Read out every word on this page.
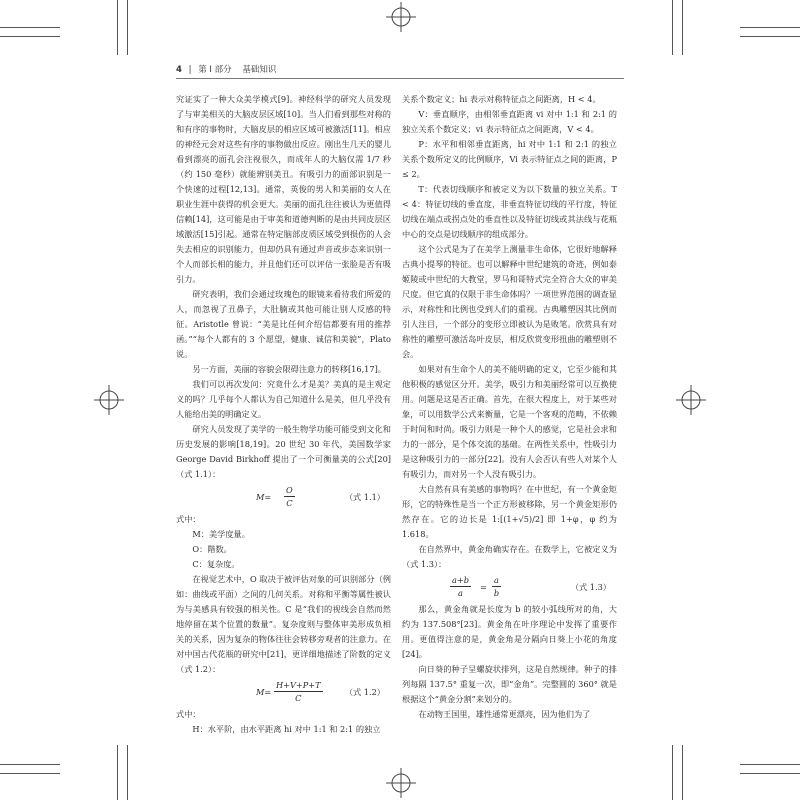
4 | 第 I 部分 基础知识

究证实了一种大众美学模式[9]。神经科学的研究人员发现了与审美相关的大脑皮层区域[10]。当人们看到那些对称的和有序的事物时，大脑皮层的相应区域可被激活[11]。相应的神经元会对这些有序的事物做出反应。刚出生几天的婴儿看到漂亮的面孔会注视很久，而成年人的大脑仅需 1/7 秒（约 150 毫秒）就能辨别美丑。有吸引力的面部识别是一个快速的过程[12,13]。通常，英俊的男人和美丽的女人在职业生涯中获得的机会更大。美丽的面孔往往被认为更值得信赖[14]，这可能是由于审美和道德判断的是由共同皮层区域激活[15]引起。通常在特定脑部皮质区域受到损伤的人会失去相应的识别能力，但却仍具有通过声音或步态来识别一个人而部长相的能力，并且他们还可以评估一张脸是否有吸引力。

研究表明，我们会通过玫瑰色的眼镜来看待我们所爱的人，而忽视了丑鼻子，大肚腩或其他可能让别人反感的特征。Aristotle 曾说：“美是比任何介绍信都要有用的推荐函。”“每个人都有的 3 个愿望，健康、诚信和美貌”，Plato 说。

另一方面，美丽的容貌会限碍注意力的转移[16,17]。

我们可以再次发问：究竟什么才是美？美真的是主观定义的吗？几乎每个人都认为自己知道什么是美，但几乎没有人能给出美的明确定义。

研究人员发现了美学的一般生物学功能可能受到文化和历史发展的影响[18,19]。20 世纪 30 年代，美国数学家 George David Birkhoff 提出了一个可衡量美的公式[20]（式 1.1）：

$M= \frac{O}{C}$	（式 1.1）

式中：

M：美学度量。

O：階数。

C：复杂度。

在视觉艺术中，O 取决于被评估对象的可识别部分（例如：曲线或平面）之间的几何关系。对称和平衡等属性被认为与美感具有较强的相关性。C 是“我们的视线会自然而然地停留在某个位置的数量”。复杂度则与整体审美形成负相关的关系，因为复杂的物体往往会转移旁观者的注意力。在对中国古代花瓶的研究中[21]，更详细地描述了阶数的定义（式 1.2）：

$M= \frac{H+V+P+T}{C}$	（式 1.2）

式中：

H：水平阶，由水平距离 hi 对中 1:1 和 2:1 的独立

关系个数定义；hi 表示对称特征点之间距离，H < 4。

V：垂直顺序，由相邻垂直距离 vi 对中 1:1 和 2:1 的独立关系个数定义；vi 表示特征点之间距离，V < 4。

P：水平和相邻垂直距离，hi 对中 1:1 和 2:1 的独立关系个数所定义的比例顺序，Vi 表示特征点之间的距离，P ≤ 2。

T：代表切线顺序和被定义为以下数量的独立关系。T < 4：特征切线的垂直度，非垂直特征切线的平行度，特征切线在端点或拐点处的垂直性以及特征切线或其法线与花瓶中心的交点是切线顺序的组成部分。

这个公式是为了在美学上测量非生命体，它很好地解释古典小提琴的特征。也可以解释中世纪建筑的奇迹，例如泰姬陵或中世纪的大教堂，罗马和哥特式完全符合大众的审美尺度。但它真的仅限于非生命体吗？一项世界范围的调查显示，对称性和比例也受到人们的重视。古典雕塑因其比例而引人注目，一个部分的变形立即被认为是败笔。欣赏具有对称性的雕塑可激活岛叶皮层，相反欣赏变形扭曲的雕塑则不会。

如果对有生命个人的美不能明确的定义，它至少能和其他积极的感觉区分开。美学，吸引力和美丽经常可以互换使用。问题是这是否正确。首先，在很大程度上，对于某些对象，可以用数学公式来衡量，它是一个客观的范畴，不依赖于时间和时尚。吸引力则是一种个人的感觉，它是社会求和力的一部分，是个体交流的基础。在两性关系中，性吸引力是这种吸引力的一部分[22]。没有人会否认有些人对某个人有吸引力，而对另一个人没有吸引力。

大自然有具有美感的事物吗？在中世纪，有一个黄金矩形，它的特殊性是当一个正方形被移除，另一个黄金矩形仍然存在。它的边长是 1:[(1+√5)/2] 即 1+φ，φ 约为 1.618。

在自然界中，黄金角确实存在。在数学上，它被定义为（式 1.3）：

$\frac{a+b}{a} = \frac{a}{b}$	（式 1.3）

那么，黄金角就是长度为 b 的较小弧线所对的角，大约为 137.508°[23]。黄金角在叶序理论中发挥了重要作用。更值得注意的是，黄金角是分隔向日葵上小花的角度[24]。

向日葵的种子呈螺旋状排列，这是自然规律。种子的排列每隔 137.5° 重复一次，即“金角”。完整圆的 360° 就是根据这个“黄金分割”来划分的。

在动物王国里，雄性通常更漂亮，因为他们为了
